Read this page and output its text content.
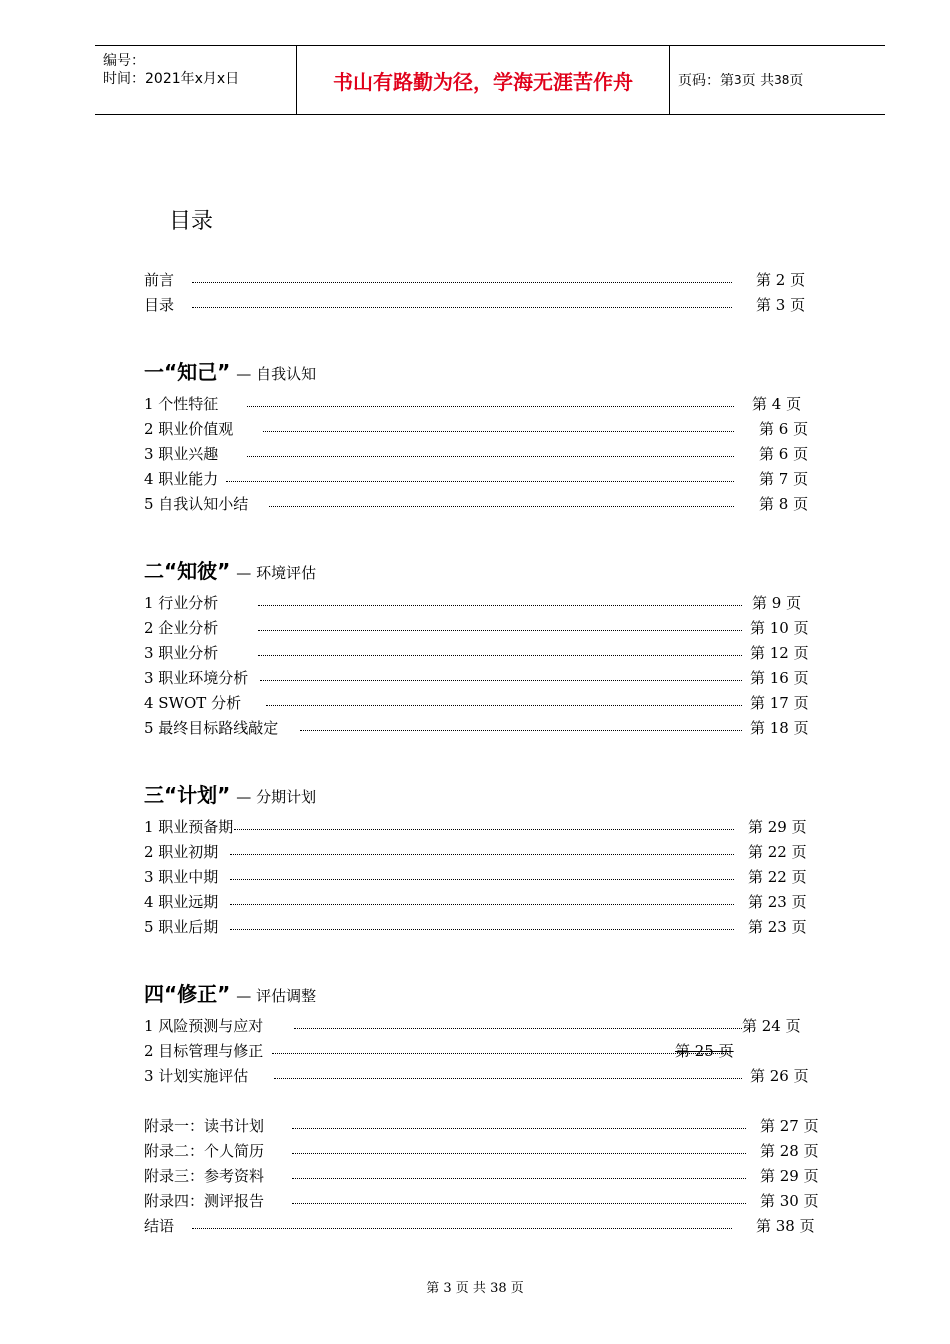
编号：
时间：2021年x月x日	书山有路勤为径，学海无涯苦作舟	页码：第 3 页 共 38 页
目录
前言	第 2 页
目录	第 3 页
一“知己” — 自我认知
1 个性特征	第 4 页
2 职业价值观	第 6 页
3 职业兴趣	第 6 页
4 职业能力	第 7 页
5 自我认知小结	第 8 页
二“知彼” — 环境评估
1 行业分析	第 9 页
2 企业分析	第 10 页
3 职业分析	第 12 页
3 职业环境分析	第 16 页
4 SWOT 分析	第 17 页
5 最终目标路线敲定	第 18 页
三“计划” — 分期计划
1 职业预备期	第 29 页
2 职业初期	第 22 页
3 职业中期	第 22 页
4 职业远期	第 23 页
5 职业后期	第 23 页
四“修正” — 评估调整
1 风险预测与应对	第 24 页
2 目标管理与修正	第 25 页
3 计划实施评估	第 26 页
附录一：读书计划	第 27 页
附录二：个人简历	第 28 页
附录三：参考资料	第 29 页
附录四：测评报告	第 30 页
结语	第 38 页
第 3 页 共 38 页
